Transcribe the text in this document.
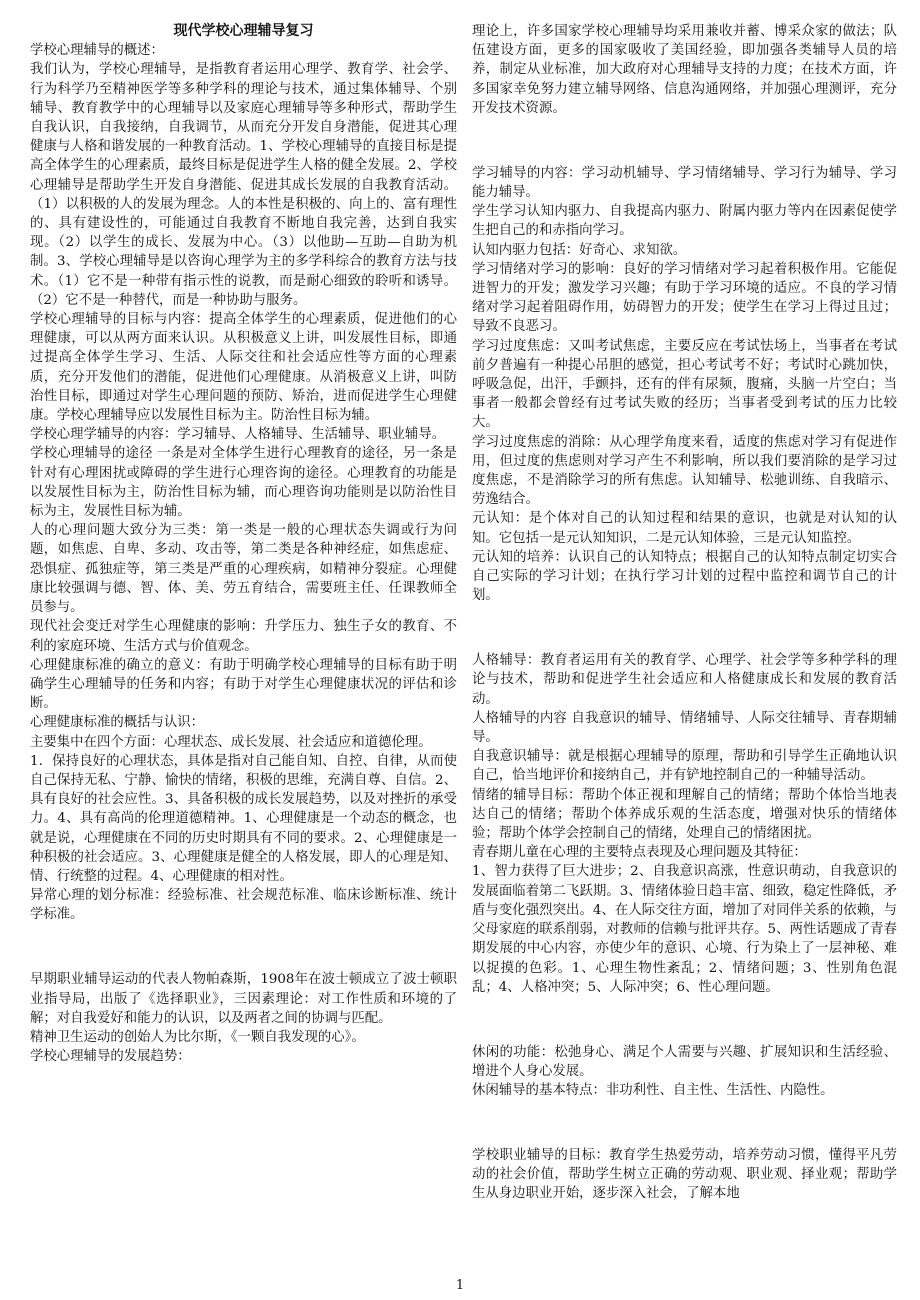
现代学校心理辅导复习

学校心理辅导的概述：

我们认为，学校心理辅导，是指教育者运用心理学、教育学、社会学、行为科学乃至精神医学等多种学科的理论与技术，通过集体辅导、个别辅导、教育教学中的心理辅导以及家庭心理辅导等多种形式，帮助学生自我认识，自我接纳，自我调节，从而充分开发自身潜能，促进其心理健康与人格和谐发展的一种教育活动。1、学校心理辅导的直接目标是提高全体学生的心理素质，最终目标是促进学生人格的健全发展。2、学校心理辅导是帮助学生开发自身潜能、促进其成长发展的自我教育活动。（1）以积极的人的发展为理念。人的本性是积极的、向上的、富有理性的、具有建设性的，可能通过自我教育不断地自我完善，达到自我实现。（2）以学生的成长、发展为中心。（3）以他助—互助—自助为机制。3、学校心理辅导是以咨询心理学为主的多学科综合的教育方法与技术。（1）它不是一种带有指示性的说教，而是耐心细致的聆听和诱导。（2）它不是一种替代，而是一种协助与服务。

学校心理辅导的目标与内容：提高全体学生的心理素质，促进他们的心理健康，可以从两方面来认识。从积极意义上讲，叫发展性目标，即通过提高全体学生学习、生活、人际交往和社会适应性等方面的心理素质，充分开发他们的潜能，促进他们心理健康。从消极意义上讲，叫防治性目标，即通过对学生心理问题的预防、矫治，进而促进学生心理健康。学校心理辅导应以发展性目标为主。防治性目标为辅。

学校心理学辅导的内容：学习辅导、人格辅导、生活辅导、职业辅导。

学校心理辅导的途径 一条是对全体学生进行心理教育的途径，另一条是针对有心理困扰或障碍的学生进行心理咨询的途径。心理教育的功能是以发展性目标为主，防治性目标为辅，而心理咨询功能则是以防治性目标为主，发展性目标为辅。

人的心理问题大致分为三类：第一类是一般的心理状态失调或行为问题，如焦虑、自卑、多动、攻击等，第二类是各种神经症，如焦虑症、恐惧症、孤独症等，第三类是严重的心理疾病，如精神分裂症。心理健康比较强调与德、智、体、美、劳五育结合，需要班主任、任课教师全员参与。

现代社会变迁对学生心理健康的影响：升学压力、独生子女的教育、不利的家庭环境、生活方式与价值观念。

心理健康标准的确立的意义：有助于明确学校心理辅导的目标有助于明确学生心理辅导的任务和内容；有助于对学生心理健康状况的评估和诊断。

心理健康标准的概括与认识：

主要集中在四个方面：心理状态、成长发展、社会适应和道德伦理。

1．保持良好的心理状态，具体是指对自己能自知、自控、自律，从而使自己保持无私、宁静、愉快的情绪，积极的思维，充满自尊、自信。2、具有良好的社会应性。3、具备积极的成长发展趋势，以及对挫折的承受力。4、具有高尚的伦理道德精神。1、心理健康是一个动态的概念，也就是说，心理健康在不同的历史时期具有不同的要求。2、心理健康是一种积极的社会适应。3、心理健康是健全的人格发展，即人的心理是知、情、行统整的过程。4、心理健康的相对性。

异常心理的划分标准：经验标准、社会规范标准、临床诊断标准、统计学标准。

早期职业辅导运动的代表人物帕森斯，1908年在波士顿成立了波士顿职业指导局，出版了《选择职业》，三因素理论：对工作性质和环境的了解；对自我爱好和能力的认识，以及两者之间的协调与匹配。

精神卫生运动的创始人为比尔斯，《一颗自我发现的心》。

学校心理辅导的发展趋势：

理论上，许多国家学校心理辅导均采用兼收并蓄、博采众家的做法；队伍建设方面，更多的国家吸收了美国经验，即加强各类辅导人员的培养，制定从业标准，加大政府对心理辅导支持的力度；在技术方面，许多国家幸免努力建立辅导网络、信息沟通网络，并加强心理测评，充分开发技术资源。

学习辅导的内容：学习动机辅导、学习情绪辅导、学习行为辅导、学习能力辅导。

学生学习认知内驱力、自我提高内驱力、附属内驱力等内在因素促使学生把自己的和赤指向学习。

认知内驱力包括：好奇心、求知欲。

学习情绪对学习的影响：良好的学习情绪对学习起着积极作用。它能促进智力的开发；激发学习兴趣；有助于学习环境的适应。不良的学习情绪对学习起着阻碍作用，妨碍智力的开发；使学生在学习上得过且过；导致不良恶习。

学习过度焦虑：又叫考试焦虑，主要反应在考试怯场上，当事者在考试前夕普遍有一种提心吊胆的感觉，担心考试考不好；考试时心跳加快，呼吸急促，出汗，手颤抖，还有的伴有尿频，腹痛，头脑一片空白；当事者一般都会曾经有过考试失败的经历；当事者受到考试的压力比较大。

学习过度焦虑的消除：从心理学角度来看，适度的焦虑对学习有促进作用，但过度的焦虑则对学习产生不利影响，所以我们要消除的是学习过度焦虑，不是消除学习的所有焦虑。认知辅导、松驰训练、自我暗示、劳逸结合。

元认知：是个体对自己的认知过程和结果的意识，也就是对认知的认知。它包括一是元认知知识，二是元认知体验，三是元认知监控。

元认知的培养：认识自己的认知特点；根据自己的认知特点制定切实合自己实际的学习计划；在执行学习计划的过程中监控和调节自己的计划。

人格辅导：教育者运用有关的教育学、心理学、社会学等多种学科的理论与技术，帮助和促进学生社会适应和人格健康成长和发展的教育活动。

人格辅导的内容 自我意识的辅导、情绪辅导、人际交往辅导、青春期辅导。

自我意识辅导：就是根据心理辅导的原理，帮助和引导学生正确地认识自己，恰当地评价和接纳自己，并有铲地控制自己的一种辅导活动。

情绪的辅导目标：帮助个体正视和理解自己的情绪；帮助个体恰当地表达自己的情绪；帮助个体养成乐观的生活态度，增强对快乐的情绪体验；帮助个体学会控制自己的情绪，处理自己的情绪困扰。

青春期儿童在心理的主要特点表现及心理问题及其特征：

1、智力获得了巨大进步；2、自我意识高涨，性意识萌动，自我意识的发展面临着第二飞跃期。3、情绪体验日趋丰富、细致，稳定性降低，矛盾与变化强烈突出。4、在人际交往方面，增加了对同伴关系的依赖，与父母家庭的联系削弱，对教师的信赖与批评共存。5、两性话题成了青春期发展的中心内容，亦使少年的意识、心境、行为染上了一层神秘、难以捉摸的色彩。1、心理生物性紊乱；2、情绪问题；3、性别角色混乱；4、人格冲突；5、人际冲突；6、性心理问题。

休闲的功能：松弛身心、满足个人需要与兴趣、扩展知识和生活经验、增进个人身心发展。

休闲辅导的基本特点：非功利性、自主性、生活性、内隐性。

学校职业辅导的目标：教育学生热爱劳动，培养劳动习惯，懂得平凡劳动的社会价值，帮助学生树立正确的劳动观、职业观、择业观；帮助学生从身边职业开始，逐步深入社会，了解本地

1
